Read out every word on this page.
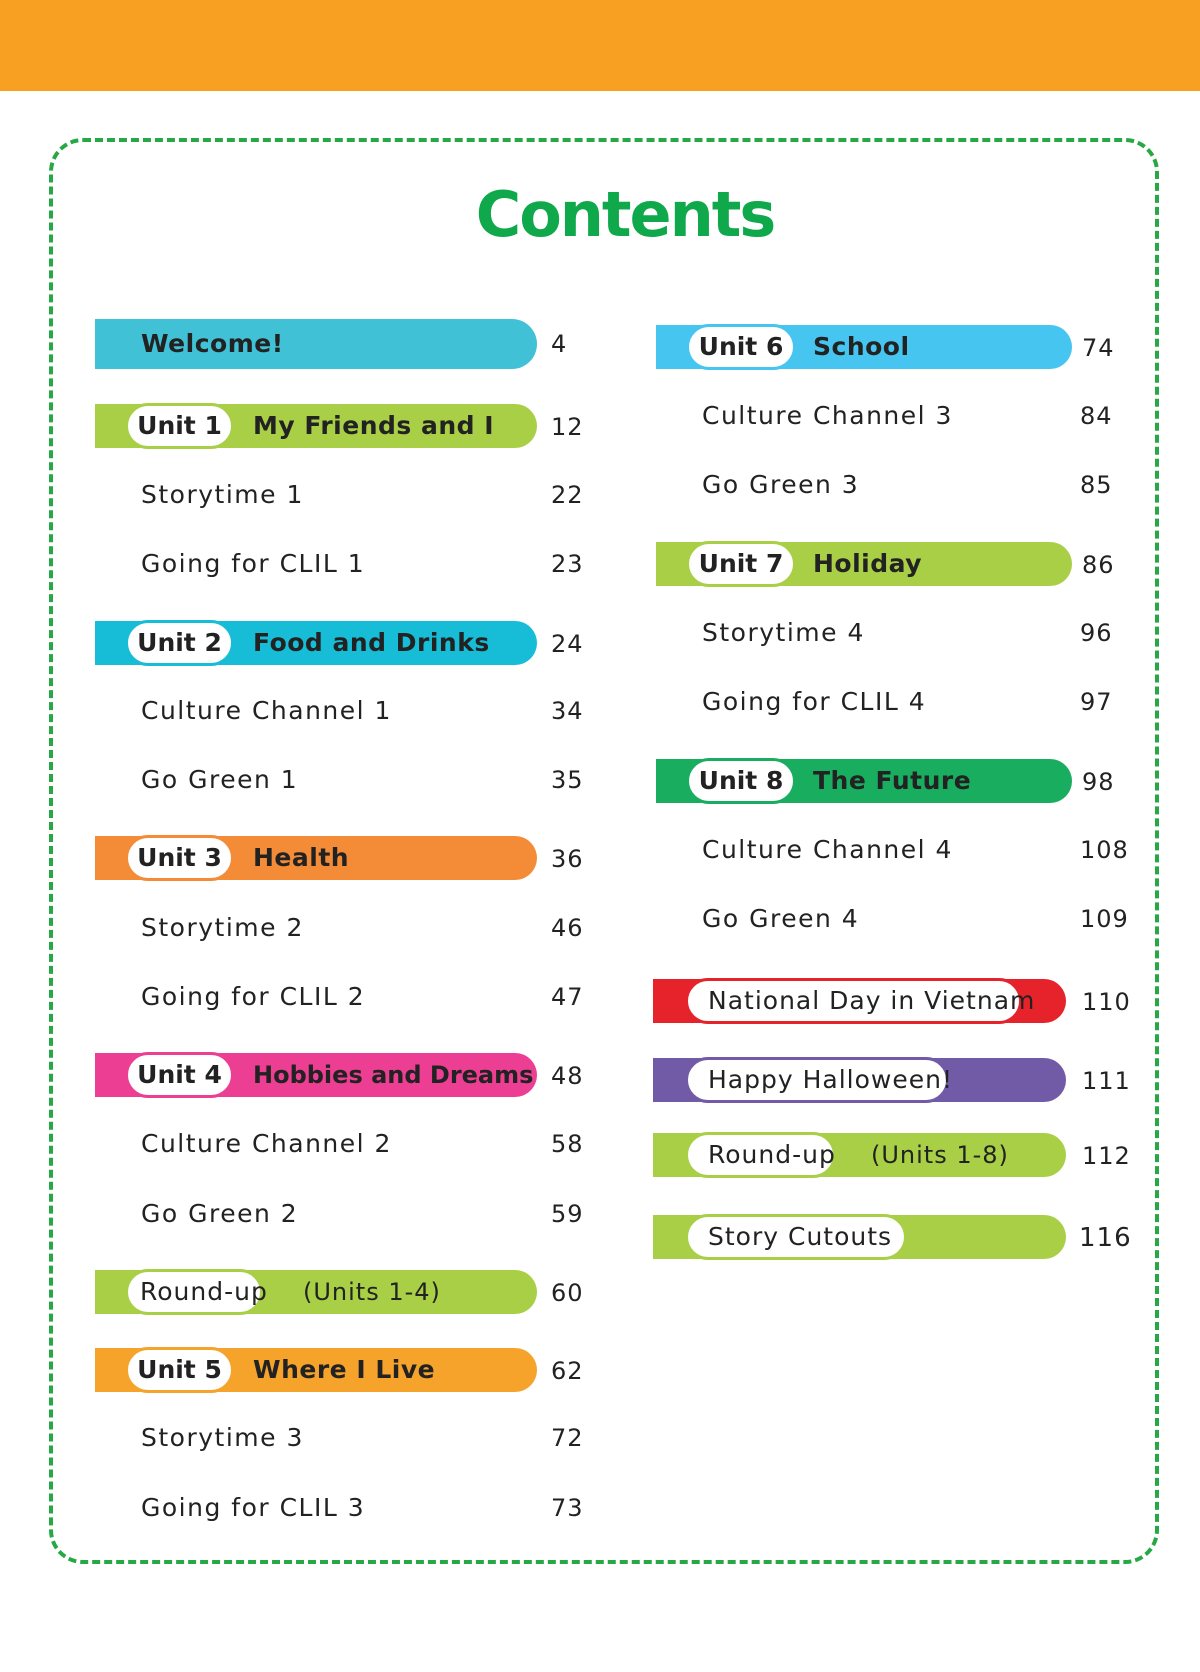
Contents
Welcome!	4
Unit 1	My Friends and I 12
Storytime 1	22
Going for CLIL 1	23
Unit 2	Food and Drinks	24
Culture Channel 1	34
Go Green 1	35
Unit 3	Health	36
Storytime 2	46
Going for CLIL 2	47
Unit 4	Hobbies and Dreams 48
Culture Channel 2	58
Go Green 2	59
Round-up (Units 1-4)	60
Unit 5	Where I Live	62
Storytime 3	72
Going for CLIL 3	73
Unit 6	School	74
Culture Channel 3	84
Go Green 3	85
Unit 7	Holiday	86
Storytime 4	96
Going for CLIL 4	97
Unit 8	The Future	98
Culture Channel 4	108
Go Green 4	109
National Day in Vietnam 110
Happy Halloween!	111
Round-up (Units 1-8)	112
Story Cutouts	116
